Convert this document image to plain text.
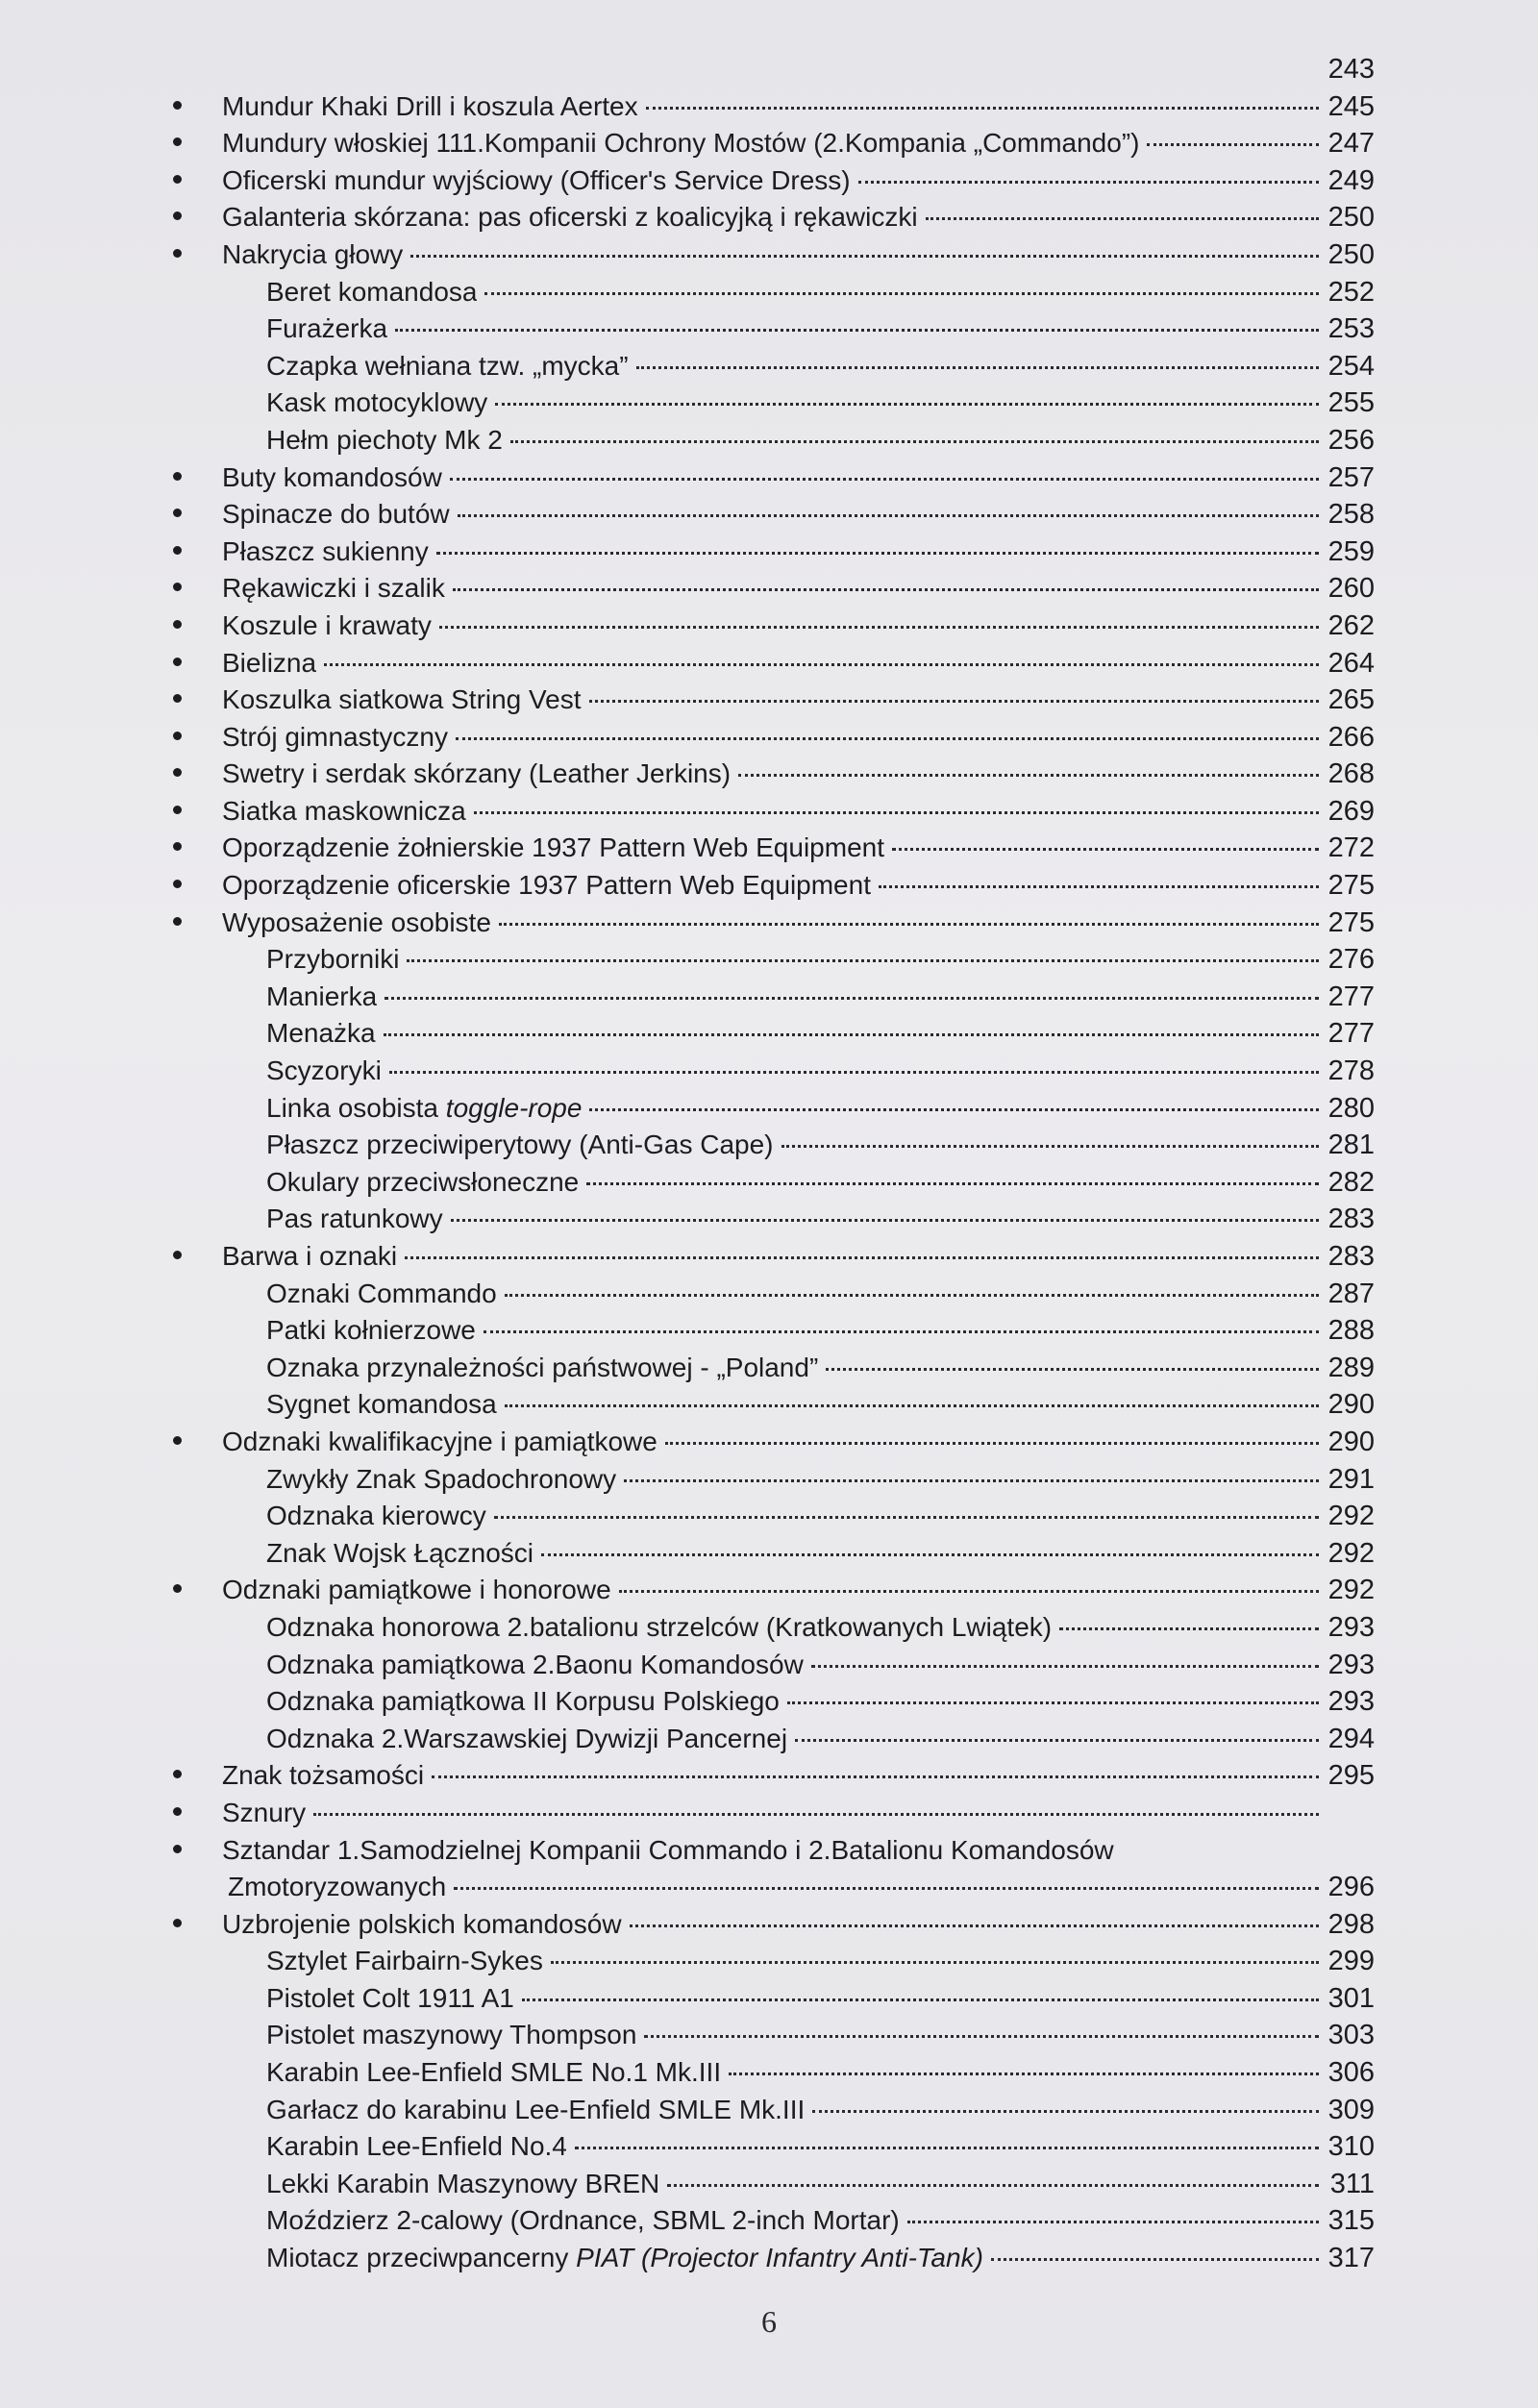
243
Mundur Khaki Drill i koszula Aertex	245
Mundury włoskiej 111.Kompanii Ochrony Mostów (2.Kompania „Commando”)	247
Oficerski mundur wyjściowy (Officer's Service Dress)	249
Galanteria skórzana: pas oficerski z koalicyjką i rękawiczki	250
Nakrycia głowy	250
Beret komandosa	252
Furażerka	253
Czapka wełniana tzw. „mycka”	254
Kask motocyklowy	255
Hełm piechoty Mk 2	256
Buty komandosów	257
Spinacze do butów	258
Płaszcz sukienny	259
Rękawiczki i szalik	260
Koszule i krawaty	262
Bielizna	264
Koszulka siatkowa String Vest	265
Strój gimnastyczny	266
Swetry i serdak skórzany (Leather Jerkins)	268
Siatka maskownicza	269
Oporządzenie żołnierskie 1937 Pattern Web Equipment	272
Oporządzenie oficerskie 1937 Pattern Web Equipment	275
Wyposażenie osobiste	275
Przyborniki	276
Manierka	277
Menażka	277
Scyzoryki	278
Linka osobista toggle-rope	280
Płaszcz przeciwiperytowy (Anti-Gas Cape)	281
Okulary przeciwsłoneczne	282
Pas ratunkowy	283
Barwa i oznaki	283
Oznaki Commando	287
Patki kołnierzowe	288
Oznaka przynależności państwowej - „Poland”	289
Sygnet komandosa	290
Odznaki kwalifikacyjne i pamiątkowe	290
Zwykły Znak Spadochronowy	291
Odznaka kierowcy	292
Znak Wojsk Łączności	292
Odznaki pamiątkowe i honorowe	292
Odznaka honorowa 2.batalionu strzelców (Kratkowanych Lwiątek)	293
Odznaka pamiątkowa 2.Baonu Komandosów	293
Odznaka pamiątkowa II Korpusu Polskiego	293
Odznaka 2.Warszawskiej Dywizji Pancernej	294
Znak tożsamości	295
Sznury
Sztandar 1.Samodzielnej Kompanii Commando i 2.Batalionu Komandosów
Zmotoryzowanych	296
Uzbrojenie polskich komandosów	298
Sztylet Fairbairn-Sykes	299
Pistolet Colt 1911 A1	301
Pistolet maszynowy Thompson	303
Karabin Lee-Enfield SMLE No.1 Mk.III	306
Garłacz do karabinu Lee-Enfield SMLE Mk.III	309
Karabin Lee-Enfield No.4	310
Lekki Karabin Maszynowy BREN	311
Moździerz 2-calowy (Ordnance, SBML 2-inch Mortar)	315
Miotacz przeciwpancerny PIAT (Projector Infantry Anti-Tank)	317
6
